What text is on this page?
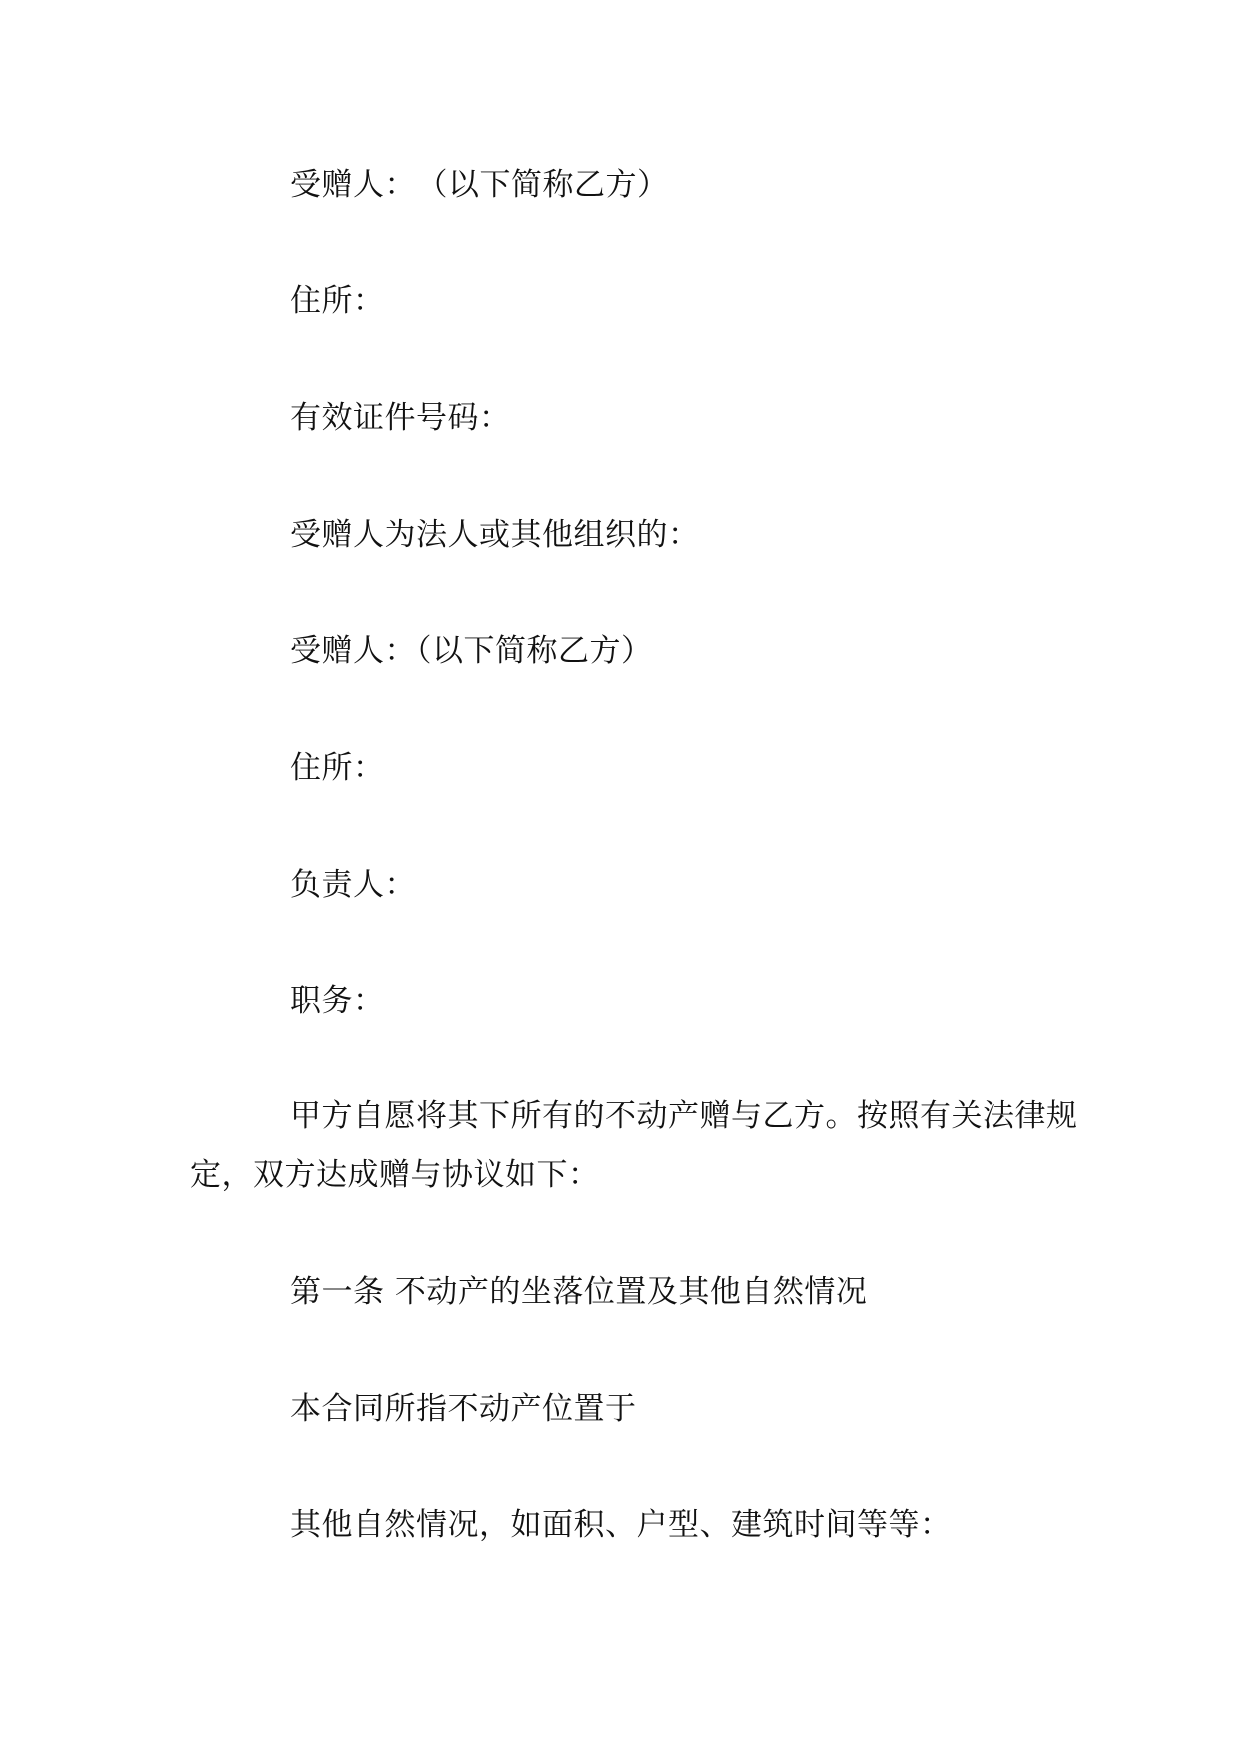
受赠人：　（以下简称乙方）
住所：
有效证件号码：
受赠人为法人或其他组织的：
受赠人：（以下简称乙方）
住所：
负责人：
职务：
甲方自愿将其下所有的不动产赠与乙方。按照有关法律规定，双方达成赠与协议如下：
第一条 不动产的坐落位置及其他自然情况
本合同所指不动产位置于
其他自然情况，如面积、户型、建筑时间等等：
